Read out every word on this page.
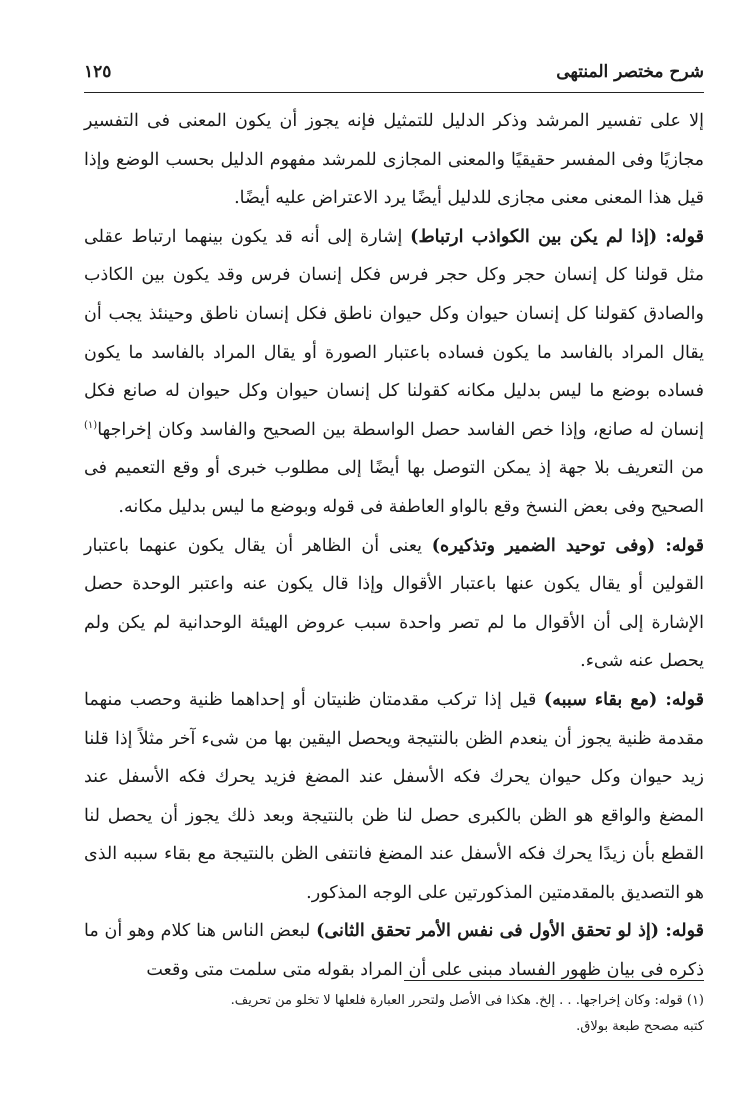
شرح مختصر المنتهى
١٢٥

إلا على تفسير المرشد وذكر الدليل للتمثيل فإنه يجوز أن يكون المعنى فى التفسير مجازيًا وفى المفسر حقيقيًا والمعنى المجازى للمرشد مفهوم الدليل بحسب الوضع وإذا قيل هذا المعنى معنى مجازى للدليل أيضًا يرد الاعتراض عليه أيضًا.

قوله: (إذا لم يكن بين الكواذب ارتباط) إشارة إلى أنه قد يكون بينهما ارتباط عقلى مثل قولنا كل إنسان حجر وكل حجر فرس فكل إنسان فرس وقد يكون بين الكاذب والصادق كقولنا كل إنسان حيوان وكل حيوان ناطق فكل إنسان ناطق وحينئذ يجب أن يقال المراد بالفاسد ما يكون فساده باعتبار الصورة أو يقال المراد بالفاسد ما يكون فساده بوضع ما ليس بدليل مكانه كقولنا كل إنسان حيوان وكل حيوان له صانع فكل إنسان له صانع، وإذا خص الفاسد حصل الواسطة بين الصحيح والفاسد وكان إخراجها$^{(١)}$ من التعريف بلا جهة إذ يمكن التوصل بها أيضًا إلى مطلوب خبرى أو وقع التعميم فى الصحيح وفى بعض النسخ وقع بالواو العاطفة فى قوله وبوضع ما ليس بدليل مكانه.

قوله: (وفى توحيد الضمير وتذكيره) يعنى أن الظاهر أن يقال يكون عنهما باعتبار القولين أو يقال يكون عنها باعتبار الأقوال وإذا قال يكون عنه واعتبر الوحدة حصل الإشارة إلى أن الأقوال ما لم تصر واحدة سبب عروض الهيئة الوحدانية لم يكن ولم يحصل عنه شىء.

قوله: (مع بقاء سببه) قيل إذا تركب مقدمتان ظنيتان أو إحداهما ظنية وحصب منهما مقدمة ظنية يجوز أن ينعدم الظن بالنتيجة ويحصل اليقين بها من شىء آخر مثلاً إذا قلنا زيد حيوان وكل حيوان يحرك فكه الأسفل عند المضغ فزيد يحرك فكه الأسفل عند المضغ والواقع هو الظن بالكبرى حصل لنا ظن بالنتيجة وبعد ذلك يجوز أن يحصل لنا القطع بأن زيدًا يحرك فكه الأسفل عند المضغ فانتفى الظن بالنتيجة مع بقاء سببه الذى هو التصديق بالمقدمتين المذكورتين على الوجه المذكور.

قوله: (إذ لو تحقق الأول فى نفس الأمر تحقق الثانى) لبعض الناس هنا كلام وهو أن ما ذكره فى بيان ظهور الفساد مبنى على أن المراد بقوله متى سلمت متى وقعت

(١) قوله: وكان إخراجها. . . إلخ. هكذا فى الأصل ولتحرر العبارة فلعلها لا تخلو من تحريف.
كتبه مصحح طبعة بولاق.
